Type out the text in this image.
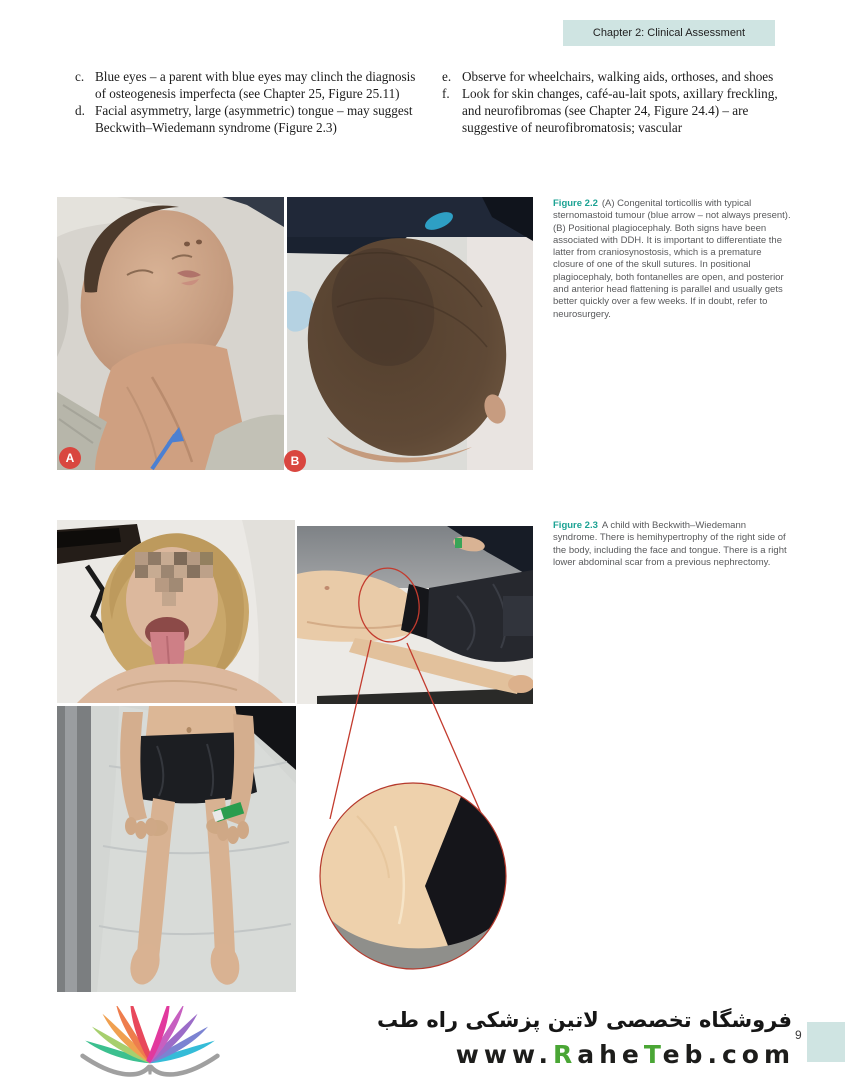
Chapter 2: Clinical Assessment
c. Blue eyes – a parent with blue eyes may clinch the diagnosis of osteogenesis imperfecta (see Chapter 25, Figure 25.11)
d. Facial asymmetry, large (asymmetric) tongue – may suggest Beckwith–Wiedemann syndrome (Figure 2.3)
e. Observe for wheelchairs, walking aids, orthoses, and shoes
f. Look for skin changes, café-au-lait spots, axillary freckling, and neurofibromas (see Chapter 24, Figure 24.4) – are suggestive of neurofibromatosis; vascular
A	B
Figure 2.2 (A) Congenital torticollis with typical sternomastoid tumour (blue arrow – not always present). (B) Positional plagiocephaly. Both signs have been associated with DDH. It is important to differentiate the latter from craniosynostosis, which is a premature closure of one of the skull sutures. In positional plagiocephaly, both fontanelles are open, and posterior and anterior head flattening is parallel and usually gets better quickly over a few weeks. If in doubt, refer to neurosurgery.
Figure 2.3 A child with Beckwith–Wiedemann syndrome. There is hemihypertrophy of the right side of the body, including the face and tongue. There is a right lower abdominal scar from a previous nephrectomy.
فروشگاه تخصصی لاتین پزشکی راه طب
www.RaheTeb.com
9
